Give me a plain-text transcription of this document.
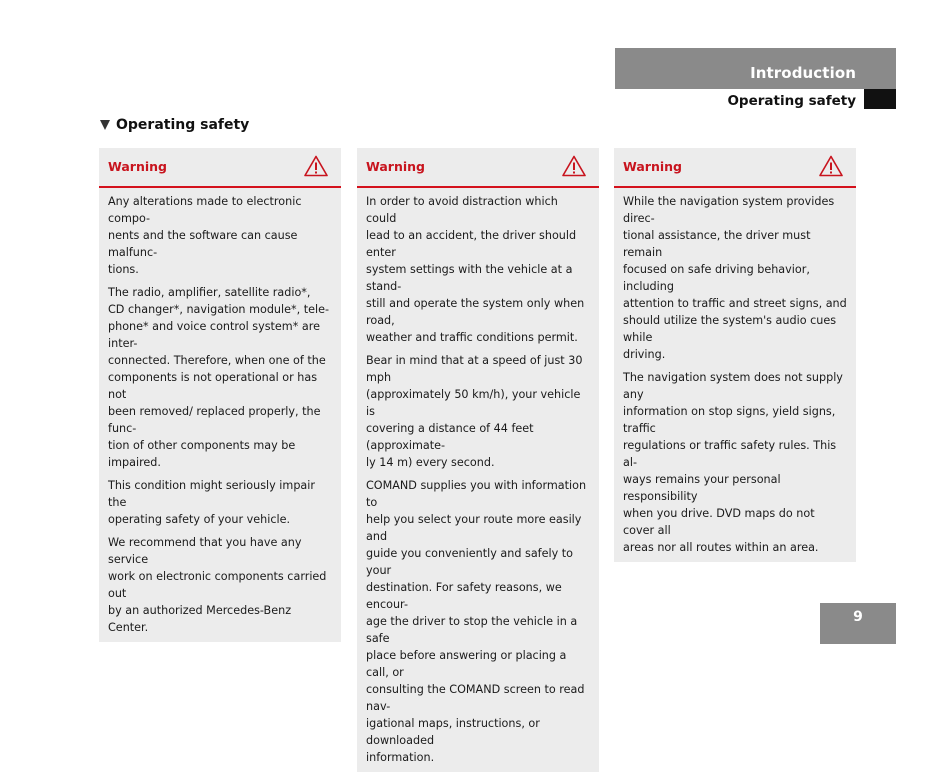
Introduction
Operating safety
Operating safety
Warning

Any alterations made to electronic compo-
nents and the software can cause malfunc-
tions.

The radio, amplifier, satellite radio*,
CD changer*, navigation module*, tele-
phone* and voice control system* are inter-
connected. Therefore, when one of the
components is not operational or has not
been removed/ replaced properly, the func-
tion of other components may be impaired.

This condition might seriously impair the
operating safety of your vehicle.

We recommend that you have any service
work on electronic components carried out
by an authorized Mercedes-Benz Center.

Warning

In order to avoid distraction which could
lead to an accident, the driver should enter
system settings with the vehicle at a stand-
still and operate the system only when road,
weather and traffic conditions permit.

Bear in mind that at a speed of just 30 mph
(approximately 50 km/h), your vehicle is
covering a distance of 44 feet (approximate-
ly 14 m) every second.

COMAND supplies you with information to
help you select your route more easily and
guide you conveniently and safely to your
destination. For safety reasons, we encour-
age the driver to stop the vehicle in a safe
place before answering or placing a call, or
consulting the COMAND screen to read nav-
igational maps, instructions, or downloaded
information.

Warning

While the navigation system provides direc-
tional assistance, the driver must remain
focused on safe driving behavior, including
attention to traffic and street signs, and
should utilize the system's audio cues while
driving.

The navigation system does not supply any
information on stop signs, yield signs, traffic
regulations or traffic safety rules. This al-
ways remains your personal responsibility
when you drive. DVD maps do not cover all
areas nor all routes within an area.

9
